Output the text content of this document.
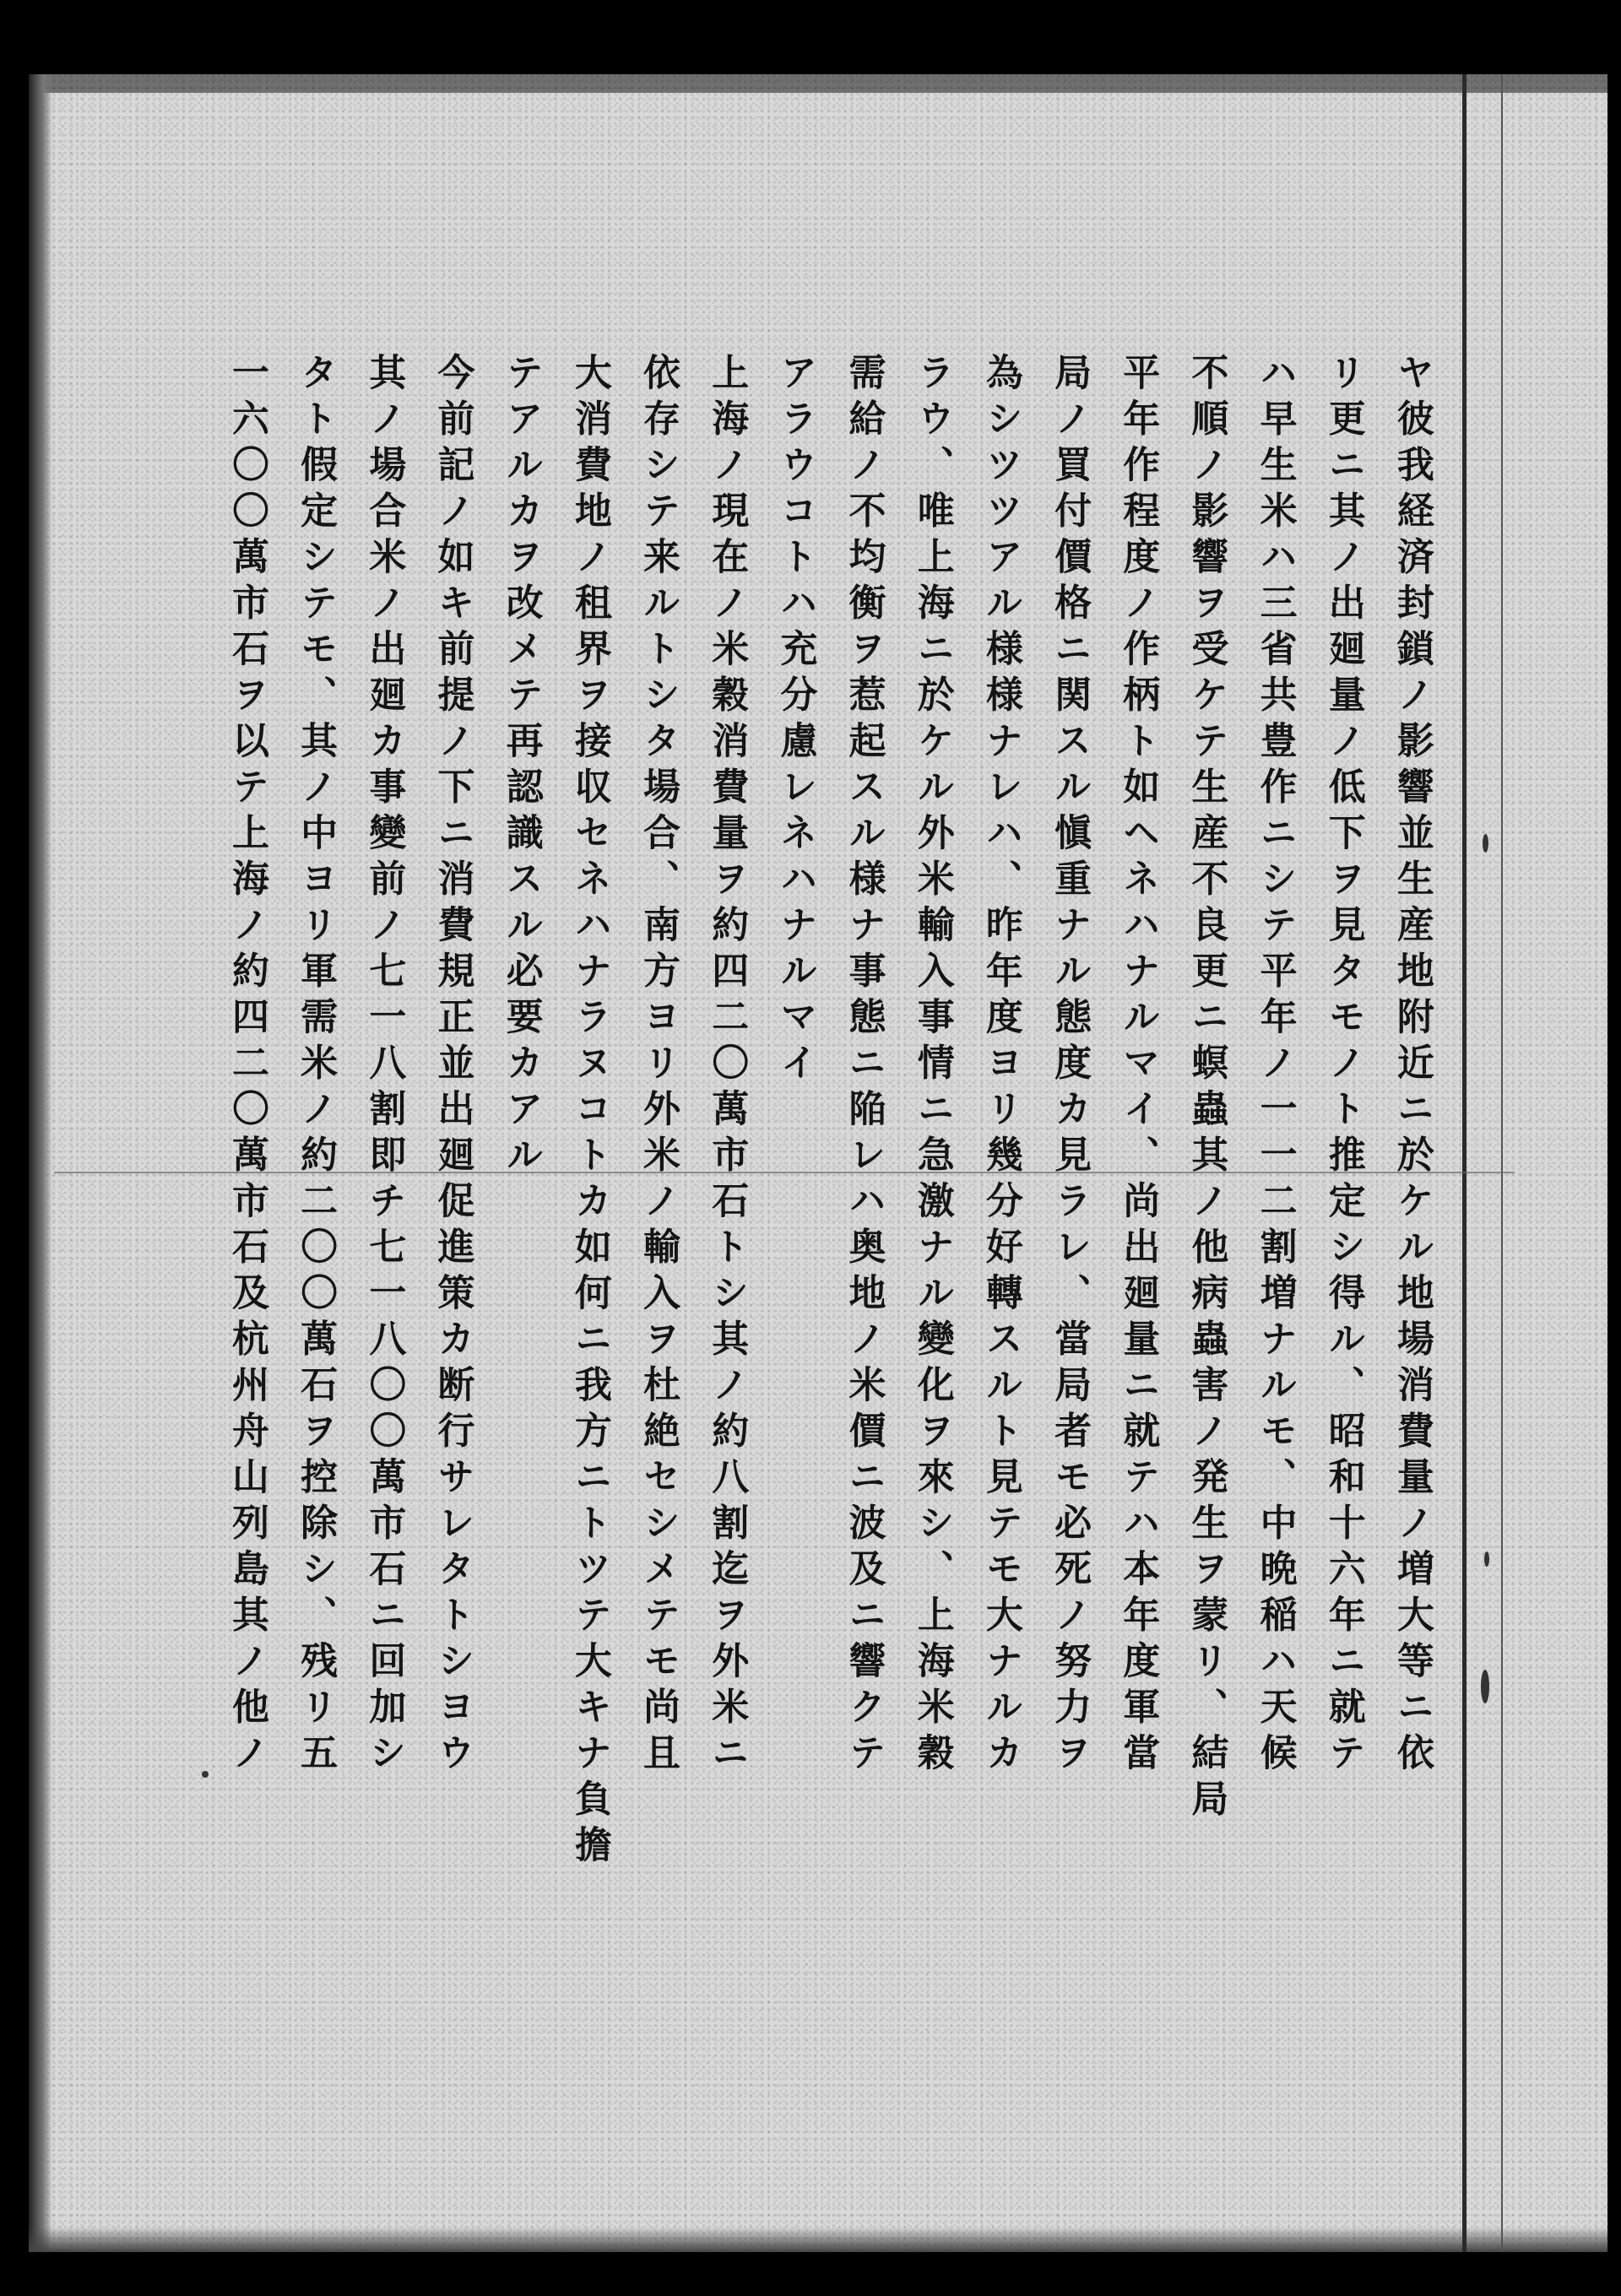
ヤ彼我経済封鎖ノ影響並生産地附近ニ於ケル地場消費量ノ増大等ニ依
リ更ニ其ノ出廻量ノ低下ヲ見タモノト推定シ得ル、昭和十六年ニ就テ
ハ早生米ハ三省共豊作ニシテ平年ノ一一二割増ナルモ、中晩稲ハ天候
不順ノ影響ヲ受ケテ生産不良更ニ螟蟲其ノ他病蟲害ノ発生ヲ蒙リ、結局
平年作程度ノ作柄ト如ヘネハナルマイ、尚出廻量ニ就テハ本年度軍當
局ノ買付價格ニ関スル愼重ナル態度カ見ラレ、當局者モ必死ノ努力ヲ
為シツツアル様様ナレハ、昨年度ヨリ幾分好轉スルト見テモ大ナルカ
ラウ、唯上海ニ於ケル外米輸入事情ニ急激ナル變化ヲ來シ、上海米穀
需給ノ不均衡ヲ惹起スル様ナ事態ニ陥レハ奥地ノ米價ニ波及ニ響クテ
アラウコトハ充分慮レネハナルマイ
上海ノ現在ノ米穀消費量ヲ約四二〇萬市石トシ其ノ約八割迄ヲ外米ニ
依存シテ来ルトシタ場合、南方ヨリ外米ノ輸入ヲ杜絶セシメテモ尚且
大消費地ノ租界ヲ接収セネハナラヌコトカ如何ニ我方ニトツテ大キナ負擔
テアルカヲ改メテ再認識スル必要カアル
今前記ノ如キ前提ノ下ニ消費規正並出廻促進策カ断行サレタトシヨウ
其ノ場合米ノ出廻カ事變前ノ七一八割即チ七一八〇〇萬市石ニ回加シ
タト假定シテモ、其ノ中ヨリ軍需米ノ約二〇〇萬石ヲ控除シ、残リ五
一六〇〇萬市石ヲ以テ上海ノ約四二〇萬市石及杭州舟山列島其ノ他ノ
